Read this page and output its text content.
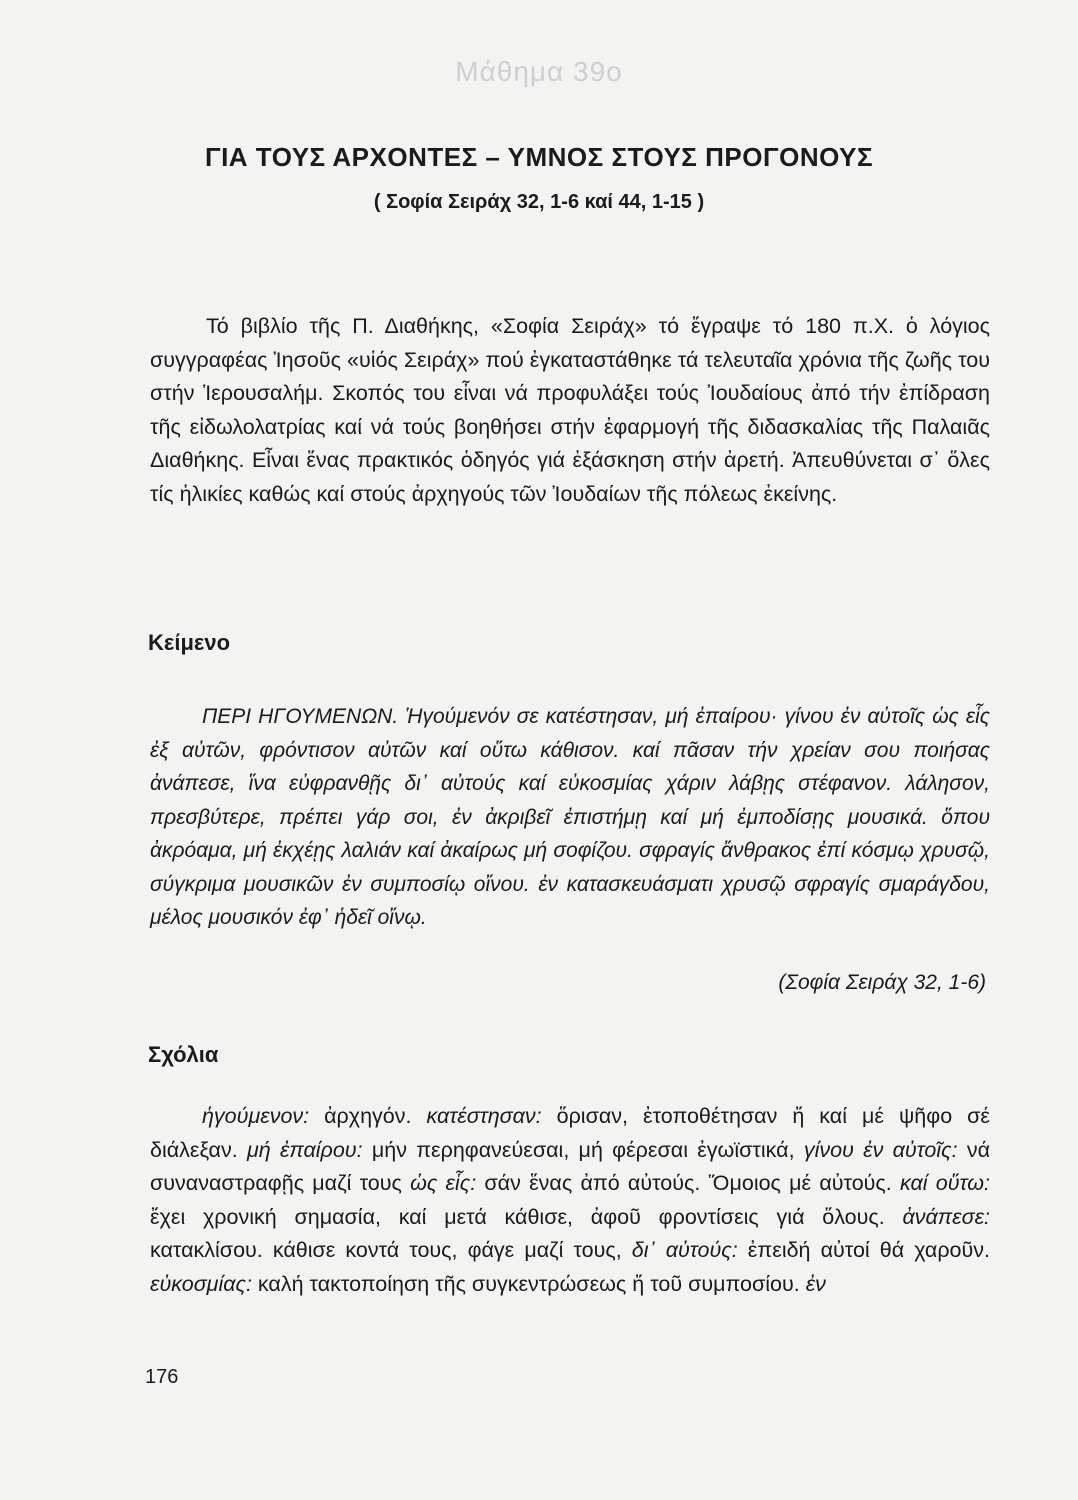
Μάθημα 39ο
ΓΙΑ ΤΟΥΣ ΑΡΧΟΝΤΕΣ – ΥΜΝΟΣ ΣΤΟΥΣ ΠΡΟΓΟΝΟΥΣ
( Σοφία Σειράχ 32, 1-6 καί 44, 1-15 )

Τό βιβλίο τῆς Π. Διαθήκης, «Σοφία Σειράχ» τό ἔγραψε τό 180 π.Χ. ὁ λόγιος συγγραφέας Ἰησοῦς «υἱός Σειράχ» πού ἐγκαταστάθηκε τά τελευταῖα χρόνια τῆς ζωῆς του στήν Ἱερουσαλήμ. Σκοπός του εἶναι νά προφυλάξει τούς Ἰουδαίους ἀπό τήν ἐπίδραση τῆς εἰδωλολατρίας καί νά τούς βοηθήσει στήν ἐφαρμογή τῆς διδασκαλίας τῆς Παλαιᾶς Διαθήκης. Εἶναι ἕνας πρακτικός ὁδηγός γιά ἐξάσκηση στήν ἀρετή. Ἀπευθύνεται σ᾽ ὅλες τίς ἡλικίες καθώς καί στούς ἀρχηγούς τῶν Ἰουδαίων τῆς πόλεως ἐκείνης.

Κείμενο

ΠΕΡΙ ΗΓΟΥΜΕΝΩΝ. Ἡγούμενόν σε κατέστησαν, μή ἐπαίρου· γίνου ἐν αὐτοῖς ὡς εἷς ἐξ αὐτῶν, φρόντισον αὐτῶν καί οὕτω κάθισον. καί πᾶσαν τήν χρείαν σου ποιήσας ἀνάπεσε, ἵνα εὐφρανθῇς δι᾽ αὐτούς καί εὐκοσμίας χάριν λάβῃς στέφανον. λάλησον, πρεσβύτερε, πρέπει γάρ σοι, ἐν ἀκριβεῖ ἐπιστήμῃ καί μή ἐμποδίσῃς μουσικά. ὅπου ἀκρόαμα, μή ἐκχέῃς λαλιάν καί ἀκαίρως μή σοφίζου. σφραγίς ἄνθρακος ἐπί κόσμῳ χρυσῷ, σύγκριμα μουσικῶν ἐν συμποσίῳ οἴνου. ἐν κατασκευάσματι χρυσῷ σφραγίς σμαράγδου, μέλος μουσικόν ἐφ᾽ ἡδεῖ οἴνῳ.

(Σοφία Σειράχ 32, 1-6)
Σχόλια

ἡγούμενον: ἀρχηγόν. κατέστησαν: ὅρισαν, ἐτοποθέτησαν ἤ καί μέ ψῆφο σέ διάλεξαν. μή ἐπαίρου: μήν περηφανεύεσαι, μή φέρεσαι ἐγωϊστικά, γίνου ἐν αὐτοῖς: νά συναναστραφῇς μαζί τους ὡς εἷς: σάν ἕνας ἀπό αὐτούς. Ὅμοιος μέ αὐτούς. καί οὕτω: ἔχει χρονική σημασία, καί μετά κάθισε, ἀφοῦ φροντίσεις γιά ὅλους. ἀνάπεσε: κατακλίσου. κάθισε κοντά τους, φάγε μαζί τους, δι᾽ αὐτούς: ἐπειδή αὐτοί θά χαροῦν. εὐκοσμίας: καλή τακτοποίηση τῆς συγκεντρώσεως ἤ τοῦ συμποσίου. ἐν

176
